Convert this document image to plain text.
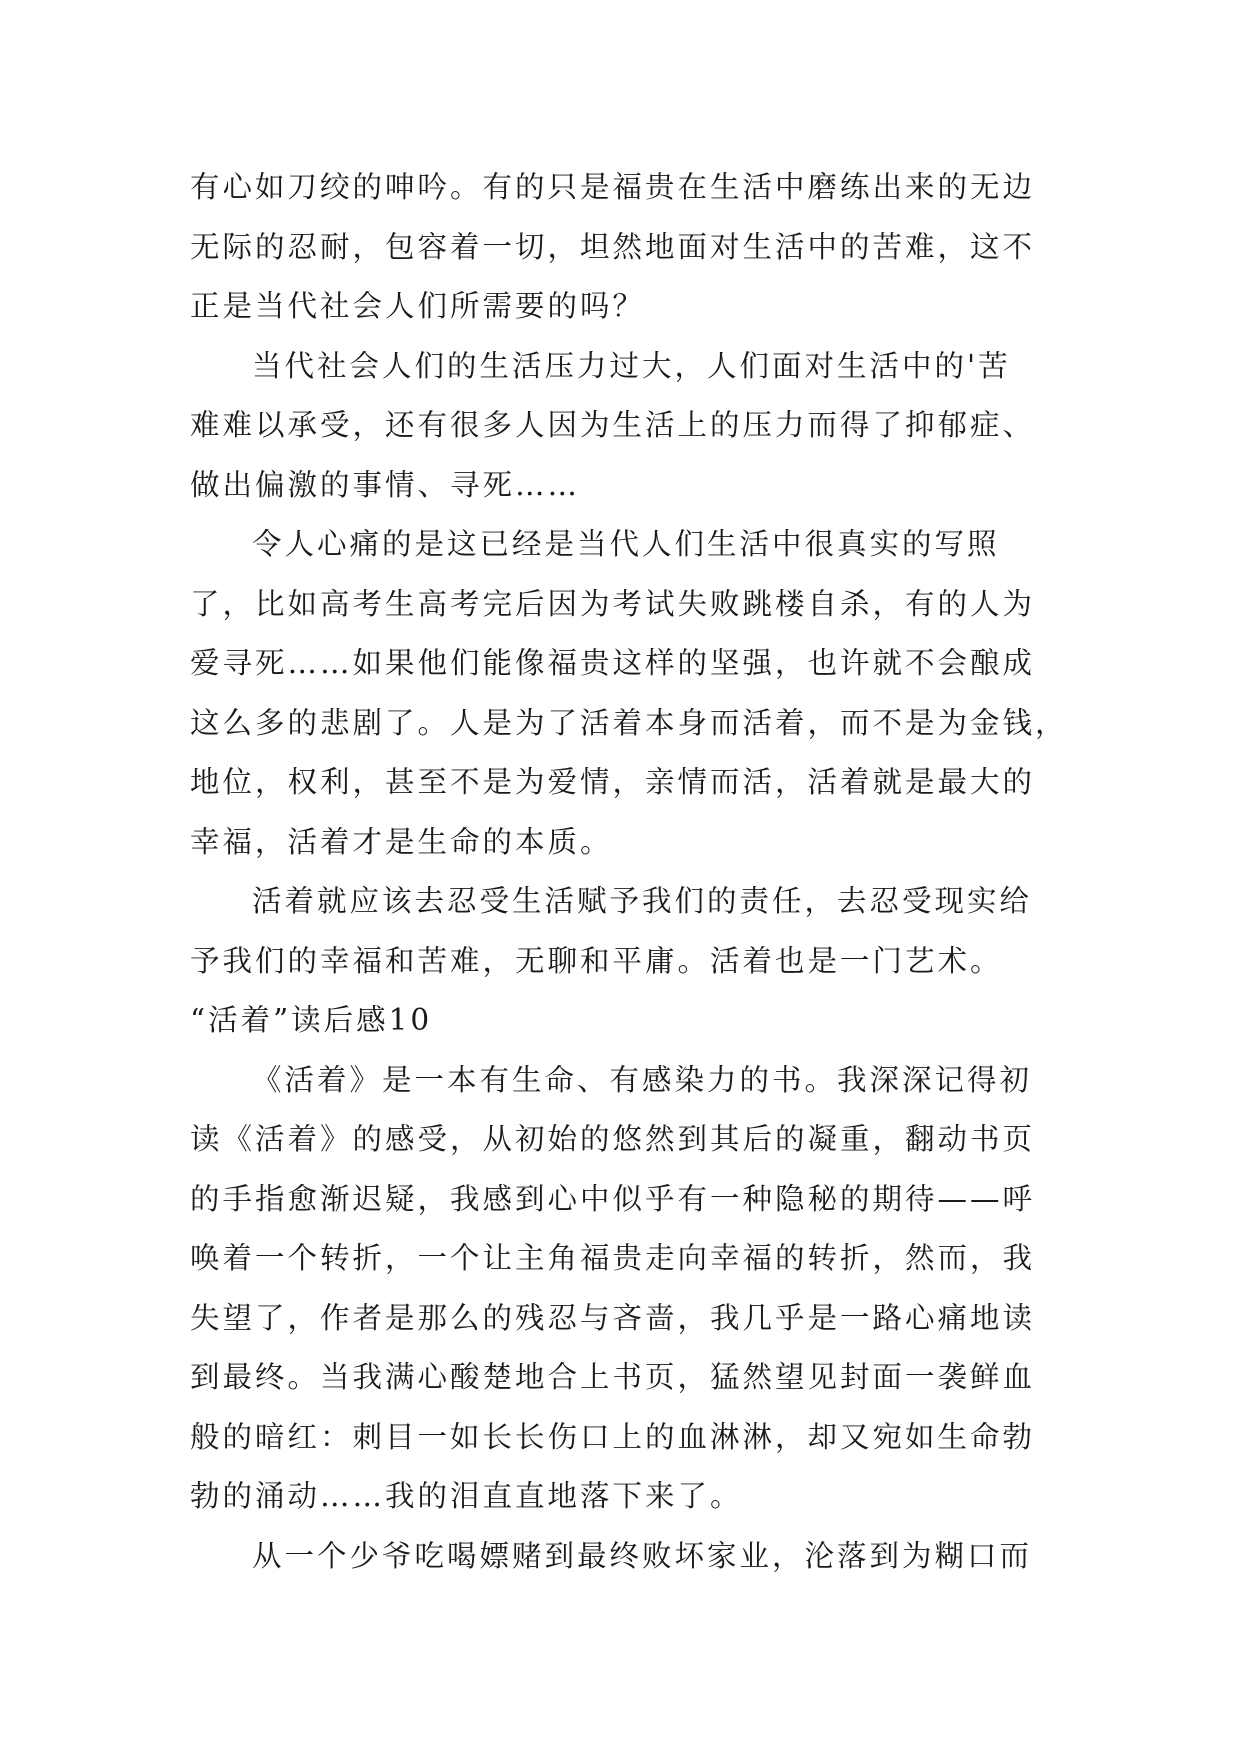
有心如刀绞的呻吟。有的只是福贵在生活中磨练出来的无边
无际的忍耐，包容着一切，坦然地面对生活中的苦难，这不
正是当代社会人们所需要的吗？
当代社会人们的生活压力过大，人们面对生活中的'苦
难难以承受，还有很多人因为生活上的压力而得了抑郁症、
做出偏激的事情、寻死……
令人心痛的是这已经是当代人们生活中很真实的写照
了，比如高考生高考完后因为考试失败跳楼自杀，有的人为
爱寻死……如果他们能像福贵这样的坚强，也许就不会酿成
这么多的悲剧了。人是为了活着本身而活着，而不是为金钱，
地位，权利，甚至不是为爱情，亲情而活，活着就是最大的
幸福，活着才是生命的本质。
活着就应该去忍受生活赋予我们的责任，去忍受现实给
予我们的幸福和苦难，无聊和平庸。活着也是一门艺术。
“活着”读后感10
《活着》是一本有生命、有感染力的书。我深深记得初
读《活着》的感受，从初始的悠然到其后的凝重，翻动书页
的手指愈渐迟疑，我感到心中似乎有一种隐秘的期待——呼
唤着一个转折，一个让主角福贵走向幸福的转折，然而，我
失望了，作者是那么的残忍与吝啬，我几乎是一路心痛地读
到最终。当我满心酸楚地合上书页，猛然望见封面一袭鲜血
般的暗红：刺目一如长长伤口上的血淋淋，却又宛如生命勃
勃的涌动……我的泪直直地落下来了。
从一个少爷吃喝嫖赌到最终败坏家业，沦落到为糊口而
